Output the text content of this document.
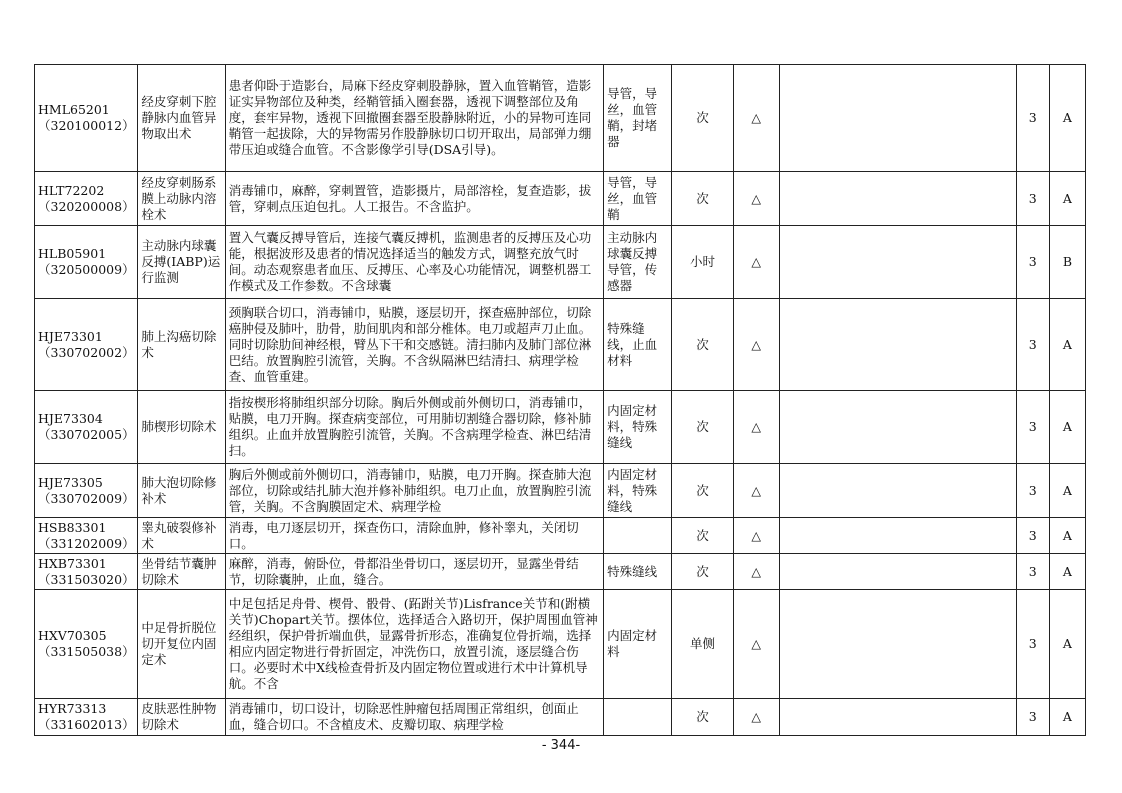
HML65201
（320100012）	经皮穿刺下腔静脉内血管异物取出术	患者仰卧于造影台，局麻下经皮穿刺股静脉，置入血管鞘管，造影证实异物部位及种类，经鞘管插入圈套器，透视下调整部位及角度，套牢异物，透视下回撤圈套器至股静脉附近，小的异物可连同鞘管一起拔除，大的异物需另作股静脉切口切开取出，局部弹力绷带压迫或缝合血管。不含影像学引导(DSA引导)。	导管，导丝，血管鞘，封堵器	次	△		3	A

HLT72202
（320200008）	经皮穿刺肠系膜上动脉内溶栓术	消毒铺巾，麻醉，穿刺置管，造影摄片，局部溶栓，复查造影，拔管，穿刺点压迫包扎。人工报告。不含监护。	导管，导丝，血管鞘	次	△		3	A

HLB05901
（320500009）	主动脉内球囊反搏(IABP)运行监测	置入气囊反搏导管后，连接气囊反搏机，监测患者的反搏压及心功能，根据波形及患者的情况选择适当的触发方式，调整充放气时间。动态观察患者血压、反搏压、心率及心功能情况，调整机器工作模式及工作参数。不含球囊	主动脉内球囊反搏导管，传感器	小时	△		3	B

HJE73301
（330702002）	肺上沟癌切除术	颈胸联合切口，消毒铺巾，贴膜，逐层切开，探查癌肿部位，切除癌肿侵及肺叶，肋骨，肋间肌肉和部分椎体。电刀或超声刀止血。同时切除肋间神经根，臂丛下干和交感链。清扫肺内及肺门部位淋巴结。放置胸腔引流管，关胸。不含纵隔淋巴结清扫、病理学检查、血管重建。	特殊缝线，止血材料	次	△		3	A

HJE73304
（330702005）	肺楔形切除术	指按楔形将肺组织部分切除。胸后外侧或前外侧切口，消毒铺巾，贴膜，电刀开胸。探查病变部位，可用肺切割缝合器切除，修补肺组织。止血并放置胸腔引流管，关胸。不含病理学检查、淋巴结清扫。	内固定材料，特殊缝线	次	△		3	A

HJE73305
（330702009）	肺大泡切除修补术	胸后外侧或前外侧切口，消毒铺巾，贴膜，电刀开胸。探查肺大泡部位，切除或结扎肺大泡并修补肺组织。电刀止血，放置胸腔引流管，关胸。不含胸膜固定术、病理学检	内固定材料，特殊缝线	次	△		3	A

HSB83301
（331202009）	睾丸破裂修补术	消毒，电刀逐层切开，探查伤口，清除血肿，修补睾丸，关闭切口。		次	△		3	A

HXB73301
（331503020）	坐骨结节囊肿切除术	麻醉，消毒，俯卧位，骨都沿坐骨切口，逐层切开，显露坐骨结节，切除囊肿，止血，缝合。	特殊缝线	次	△		3	A

HXV70305
（331505038）	中足骨折脱位切开复位内固定术	中足包括足舟骨、楔骨、骰骨、(跖跗关节)Lisfrance关节和(跗横关节)Chopart关节。摆体位，选择适合入路切开，保护周围血管神经组织，保护骨折端血供，显露骨折形态，准确复位骨折端，选择相应内固定物进行骨折固定，冲洗伤口，放置引流，逐层缝合伤口。必要时术中X线检查骨折及内固定物位置或进行术中计算机导航。不含	内固定材料	单侧	△		3	A

HYR73313
（331602013）	皮肤恶性肿物切除术	消毒铺巾，切口设计，切除恶性肿瘤包括周围正常组织，创面止血，缝合切口。不含植皮术、皮瓣切取、病理学检		次	△		3	A
- 344-
